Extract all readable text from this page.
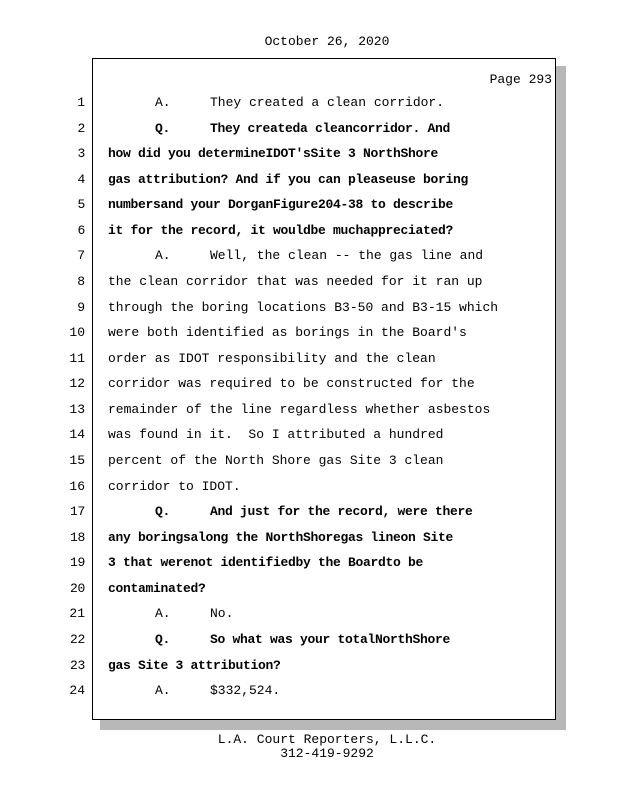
October 26, 2020
Page 293
1	A.	They created a clean corridor.
2	Q.	They createda cleancorridor. And
3 how did you determineIDOT'sSite 3 NorthShore
4 gas attribution? And if you can pleaseuse boring
5 numbersand your DorganFigure204-38 to describe
6 it for the record, it wouldbe muchappreciated?
7	A.	Well, the clean -- the gas line and
8 the clean corridor that was needed for it ran up
9 through the boring locations B3-50 and B3-15 which
10 were both identified as borings in the Board's
11 order as IDOT responsibility and the clean
12 corridor was required to be constructed for the
13 remainder of the line regardless whether asbestos
14 was found in it.  So I attributed a hundred
15 percent of the North Shore gas Site 3 clean
16 corridor to IDOT.
17	Q.	And just for the record, were there
18 any boringsalong the NorthShoregas lineon Site
19 3 that werenot identifiedby the Boardto be
20 contaminated?
21	A.	No.
22	Q.	So what was your totalNorthShore
23 gas Site 3 attribution?
24	A.	$332,524.
L.A. Court Reporters, L.L.C.
312-419-9292
